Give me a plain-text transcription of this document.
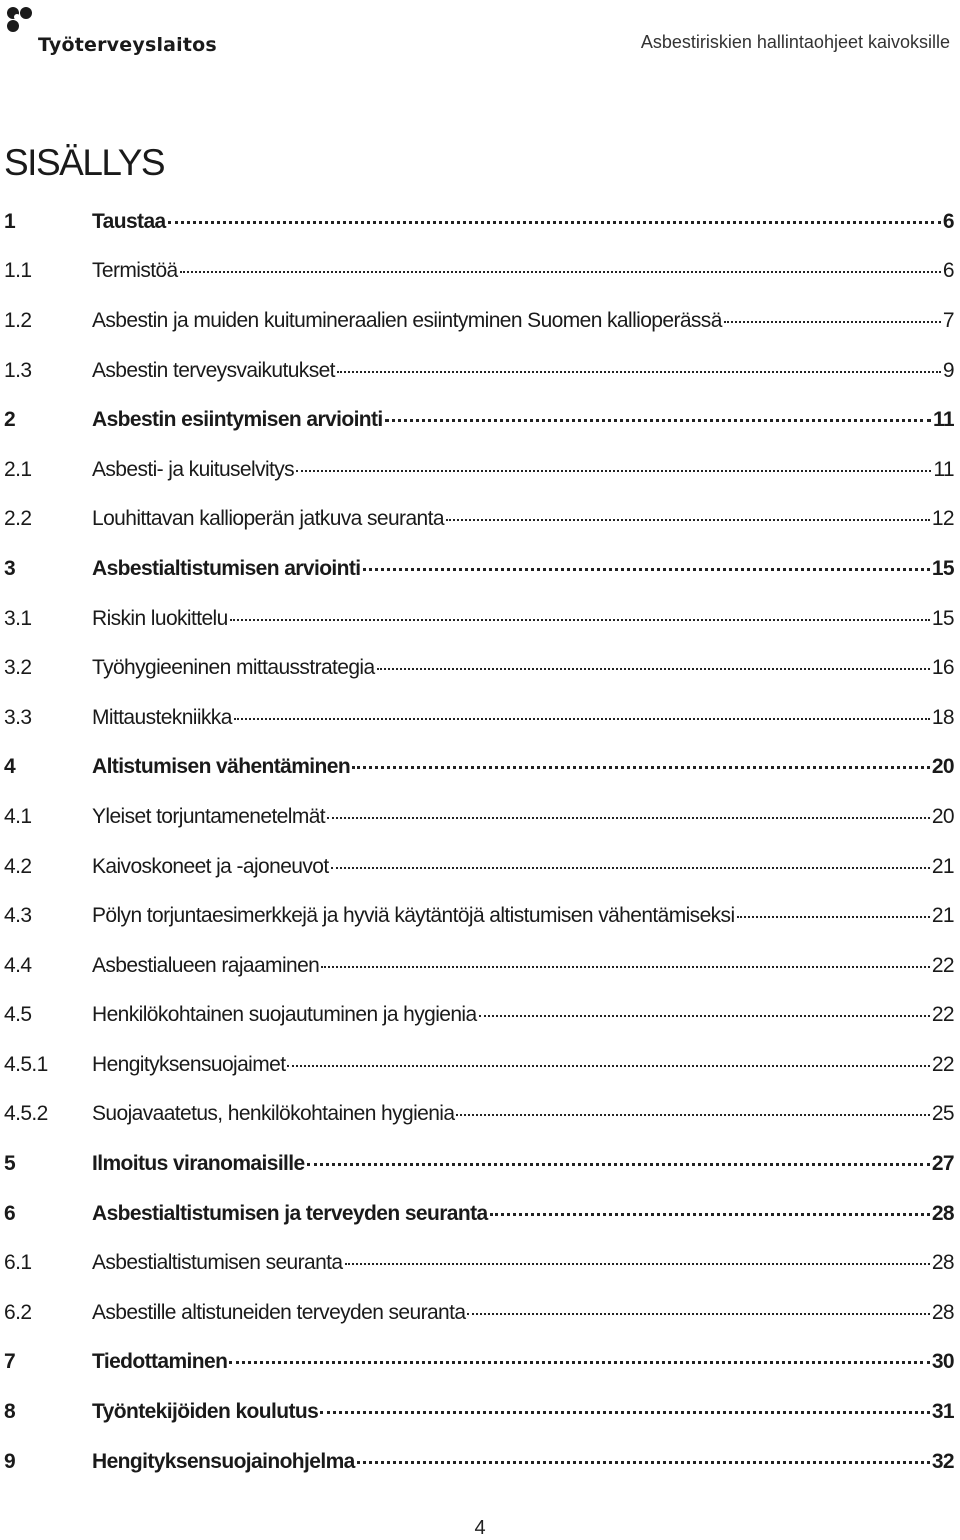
Työterveyslaitos	Asbestiriskien hallintaohjeet kaivoksille
SISÄLLYS
1	Taustaa	6
1.1	Termistöä	6
1.2	Asbestin ja muiden kuitumineraalien esiintyminen Suomen kallioperässä	7
1.3	Asbestin terveysvaikutukset	9
2	Asbestin esiintymisen arviointi	11
2.1	Asbesti- ja kuituselvitys	11
2.2	Louhittavan kallioperän jatkuva seuranta	12
3	Asbestialtistumisen arviointi	15
3.1	Riskin luokittelu	15
3.2	Työhygieeninen mittausstrategia	16
3.3	Mittaustekniikka	18
4	Altistumisen vähentäminen	20
4.1	Yleiset torjuntamenetelmät	20
4.2	Kaivoskoneet ja -ajoneuvot	21
4.3	Pölyn torjuntaesimerkkejä ja hyviä käytäntöjä altistumisen vähentämiseksi	21
4.4	Asbestialueen rajaaminen	22
4.5	Henkilökohtainen suojautuminen ja hygienia	22
4.5.1	Hengityksensuojaimet	22
4.5.2	Suojavaatetus, henkilökohtainen hygienia	25
5	Ilmoitus viranomaisille	27
6	Asbestialtistumisen ja terveyden seuranta	28
6.1	Asbestialtistumisen seuranta	28
6.2	Asbestille altistuneiden terveyden seuranta	28
7	Tiedottaminen	30
8	Työntekijöiden koulutus	31
9	Hengityksensuojainohjelma	32
4
